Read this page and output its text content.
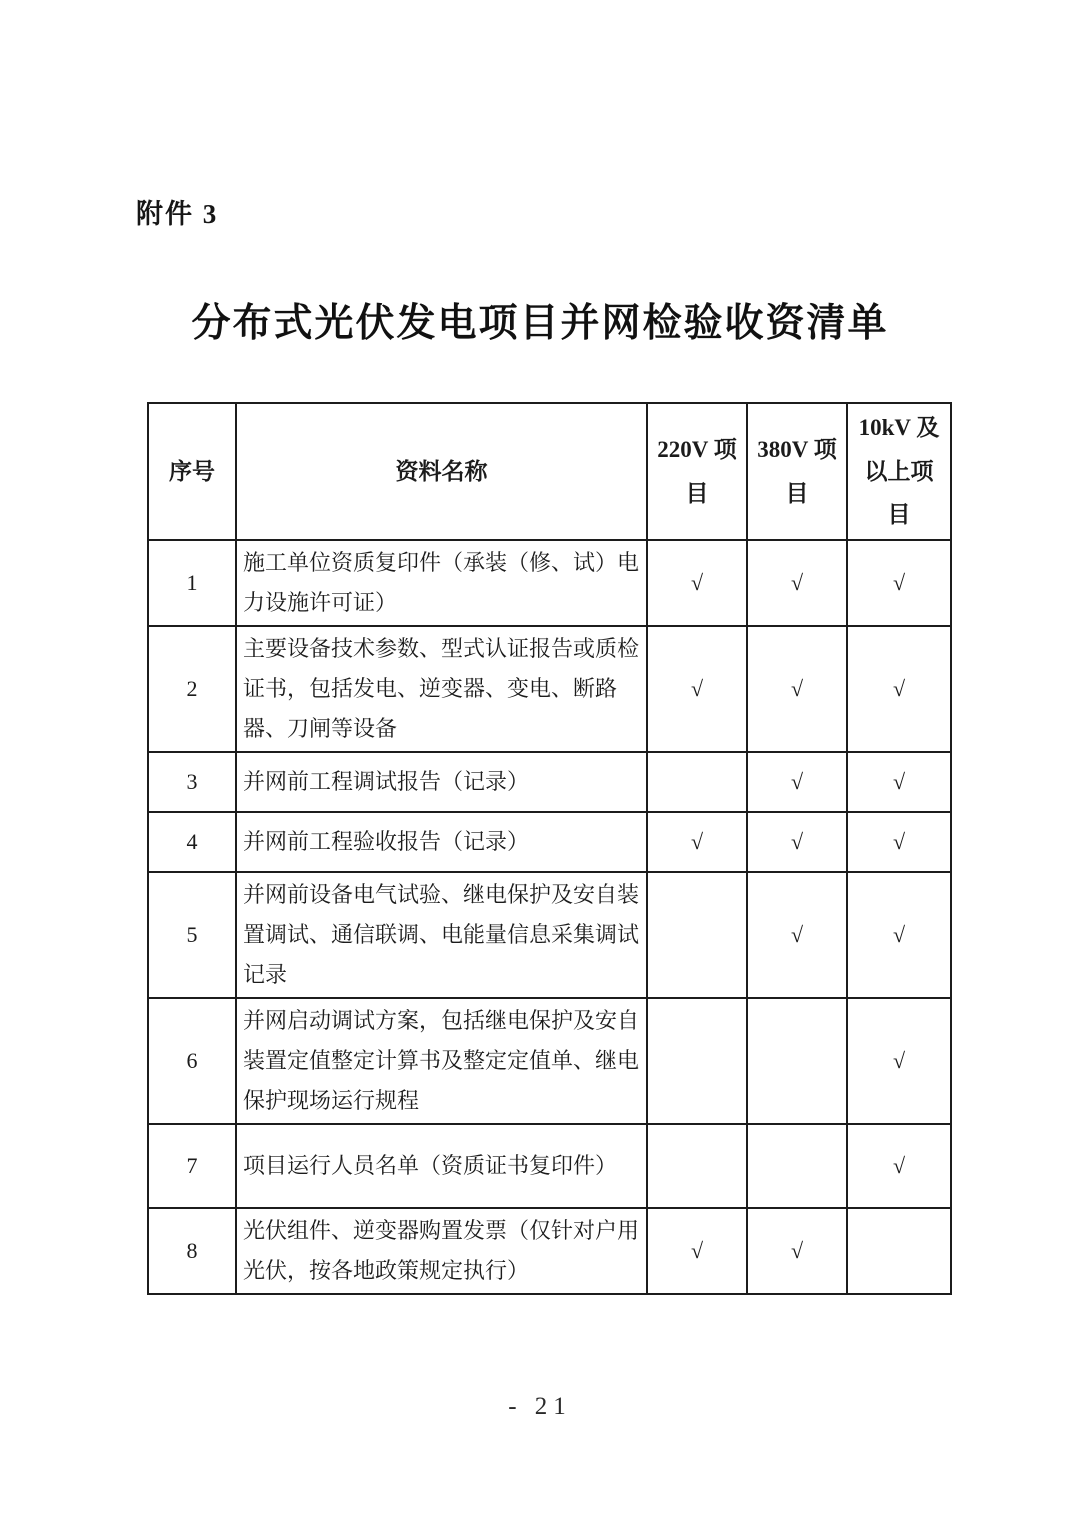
附件 3
分布式光伏发电项目并网检验收资清单
序号	资料名称	220V 项目	380V 项目	10kV 及以上项目
1	施工单位资质复印件（承装（修、试）电力设施许可证）	√	√	√
2	主要设备技术参数、型式认证报告或质检证书，包括发电、逆变器、变电、断路器、刀闸等设备	√	√	√
3	并网前工程调试报告（记录）		√	√
4	并网前工程验收报告（记录）	√	√	√
5	并网前设备电气试验、继电保护及安自装置调试、通信联调、电能量信息采集调试记录		√	√
6	并网启动调试方案，包括继电保护及安自装置定值整定计算书及整定定值单、继电保护现场运行规程			√
7	项目运行人员名单（资质证书复印件）			√
8	光伏组件、逆变器购置发票（仅针对户用光伏，按各地政策规定执行）	√	√	
- 21
